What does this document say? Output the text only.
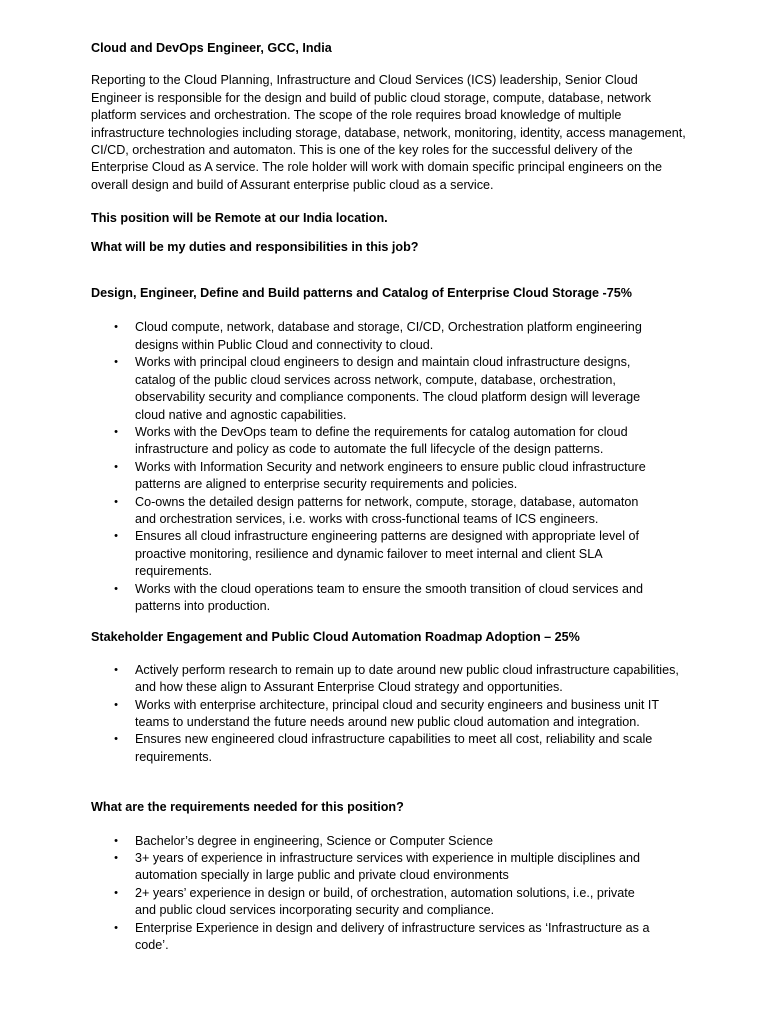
Cloud and DevOps Engineer, GCC, India

Reporting to the Cloud Planning, Infrastructure and Cloud Services (ICS) leadership, Senior Cloud Engineer is responsible for the design and build of public cloud storage, compute, database, network platform services and orchestration. The scope of the role requires broad knowledge of multiple infrastructure technologies including storage, database, network, monitoring, identity, access management, CI/CD, orchestration and automaton. This is one of the key roles for the successful delivery of the Enterprise Cloud as A service. The role holder will work with domain specific principal engineers on the overall design and build of Assurant enterprise public cloud as a service.

This position will be Remote at our India location.

What will be my duties and responsibilities in this job?

Design, Engineer, Define and Build patterns and Catalog of Enterprise Cloud Storage -75%

• Cloud compute, network, database and storage, CI/CD, Orchestration platform engineering designs within Public Cloud and connectivity to cloud.
• Works with principal cloud engineers to design and maintain cloud infrastructure designs, catalog of the public cloud services across network, compute, database, orchestration, observability security and compliance components. The cloud platform design will leverage cloud native and agnostic capabilities.
• Works with the DevOps team to define the requirements for catalog automation for cloud infrastructure and policy as code to automate the full lifecycle of the design patterns.
• Works with Information Security and network engineers to ensure public cloud infrastructure patterns are aligned to enterprise security requirements and policies.
• Co-owns the detailed design patterns for network, compute, storage, database, automaton and orchestration services, i.e. works with cross-functional teams of ICS engineers.
• Ensures all cloud infrastructure engineering patterns are designed with appropriate level of proactive monitoring, resilience and dynamic failover to meet internal and client SLA requirements.
• Works with the cloud operations team to ensure the smooth transition of cloud services and patterns into production.

Stakeholder Engagement and Public Cloud Automation Roadmap Adoption – 25%

• Actively perform research to remain up to date around new public cloud infrastructure capabilities, and how these align to Assurant Enterprise Cloud strategy and opportunities.
• Works with enterprise architecture, principal cloud and security engineers and business unit IT teams to understand the future needs around new public cloud automation and integration.
• Ensures new engineered cloud infrastructure capabilities to meet all cost, reliability and scale requirements.

What are the requirements needed for this position?

• Bachelor’s degree in engineering, Science or Computer Science
• 3+ years of experience in infrastructure services with experience in multiple disciplines and automation specially in large public and private cloud environments
• 2+ years’ experience in design or build, of orchestration, automation solutions, i.e., private and public cloud services incorporating security and compliance.
• Enterprise Experience in design and delivery of infrastructure services as ‘Infrastructure as a code’.
